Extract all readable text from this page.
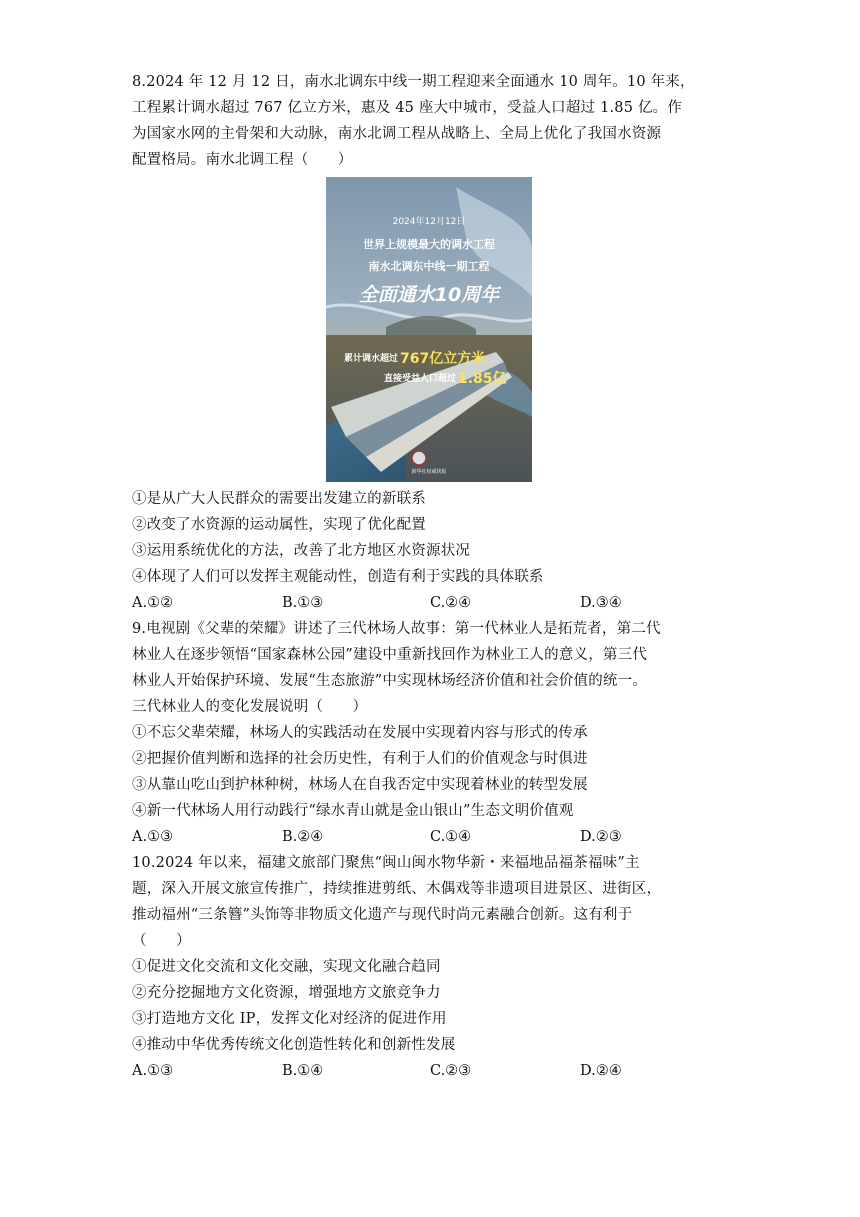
8.2024 年 12 月 12 日，南水北调东中线一期工程迎来全面通水 10 周年。10 年来，
工程累计调水超过 767 亿立方米，惠及 45 座大中城市，受益人口超过 1.85 亿。作
为国家水网的主骨架和大动脉，南水北调工程从战略上、全局上优化了我国水资源
配置格局。南水北调工程（　　）
2024年12月12日
世界上规模最大的调水工程
南水北调东中线一期工程
全面通水10周年
累计调水超过 767亿立方米
直接受益人口超过 1.85亿
新华社权威快报
①是从广大人民群众的需要出发建立的新联系
②改变了水资源的运动属性，实现了优化配置
③运用系统优化的方法，改善了北方地区水资源状况
④体现了人们可以发挥主观能动性，创造有利于实践的具体联系
A.①②	B.①③	C.②④	D.③④
9.电视剧《父辈的荣耀》讲述了三代林场人故事：第一代林业人是拓荒者，第二代
林业人在逐步领悟“国家森林公园”建设中重新找回作为林业工人的意义，第三代
林业人开始保护环境、发展“生态旅游”中实现林场经济价值和社会价值的统一。
三代林业人的变化发展说明（　　）
①不忘父辈荣耀，林场人的实践活动在发展中实现着内容与形式的传承
②把握价值判断和选择的社会历史性，有利于人们的价值观念与时俱进
③从靠山吃山到护林种树，林场人在自我否定中实现着林业的转型发展
④新一代林场人用行动践行“绿水青山就是金山银山”生态文明价值观
A.①③	B.②④	C.①④	D.②③
10.2024 年以来，福建文旅部门聚焦“闽山闽水物华新・来福地品福茶福味”主
题，深入开展文旅宣传推广，持续推进剪纸、木偶戏等非遗项目进景区、进街区，
推动福州“三条簪”头饰等非物质文化遗产与现代时尚元素融合创新。这有利于
（　　）
①促进文化交流和文化交融，实现文化融合趋同
②充分挖掘地方文化资源，增强地方文旅竞争力
③打造地方文化 IP，发挥文化对经济的促进作用
④推动中华优秀传统文化创造性转化和创新性发展
A.①③	B.①④	C.②③	D.②④
